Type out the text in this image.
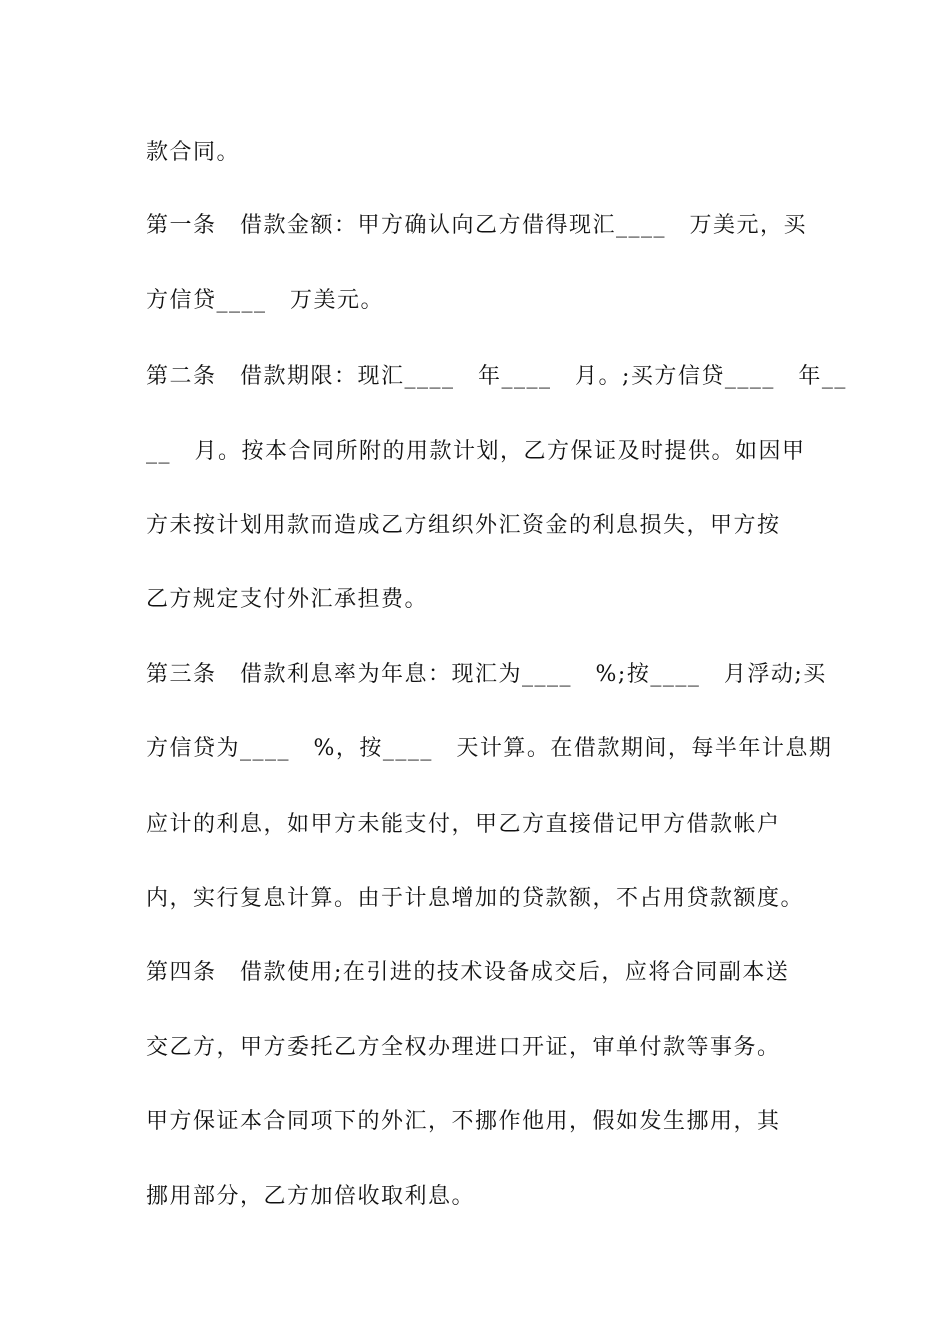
款合同。
第一条　借款金额：甲方确认向乙方借得现汇____　万美元，买
方信贷____　万美元。
第二条　借款期限：现汇____　年____　月。;买方信贷____　年__
__　月。按本合同所附的用款计划，乙方保证及时提供。如因甲
方未按计划用款而造成乙方组织外汇资金的利息损失，甲方按
乙方规定支付外汇承担费。
第三条　借款利息率为年息：现汇为____　%;按____　月浮动;买
方信贷为____　%，按____　天计算。在借款期间，每半年计息期
应计的利息，如甲方未能支付，甲乙方直接借记甲方借款帐户
内，实行复息计算。由于计息增加的贷款额，不占用贷款额度。
第四条　借款使用;在引进的技术设备成交后，应将合同副本送
交乙方，甲方委托乙方全权办理进口开证，审单付款等事务。
甲方保证本合同项下的外汇，不挪作他用，假如发生挪用，其
挪用部分，乙方加倍收取利息。
